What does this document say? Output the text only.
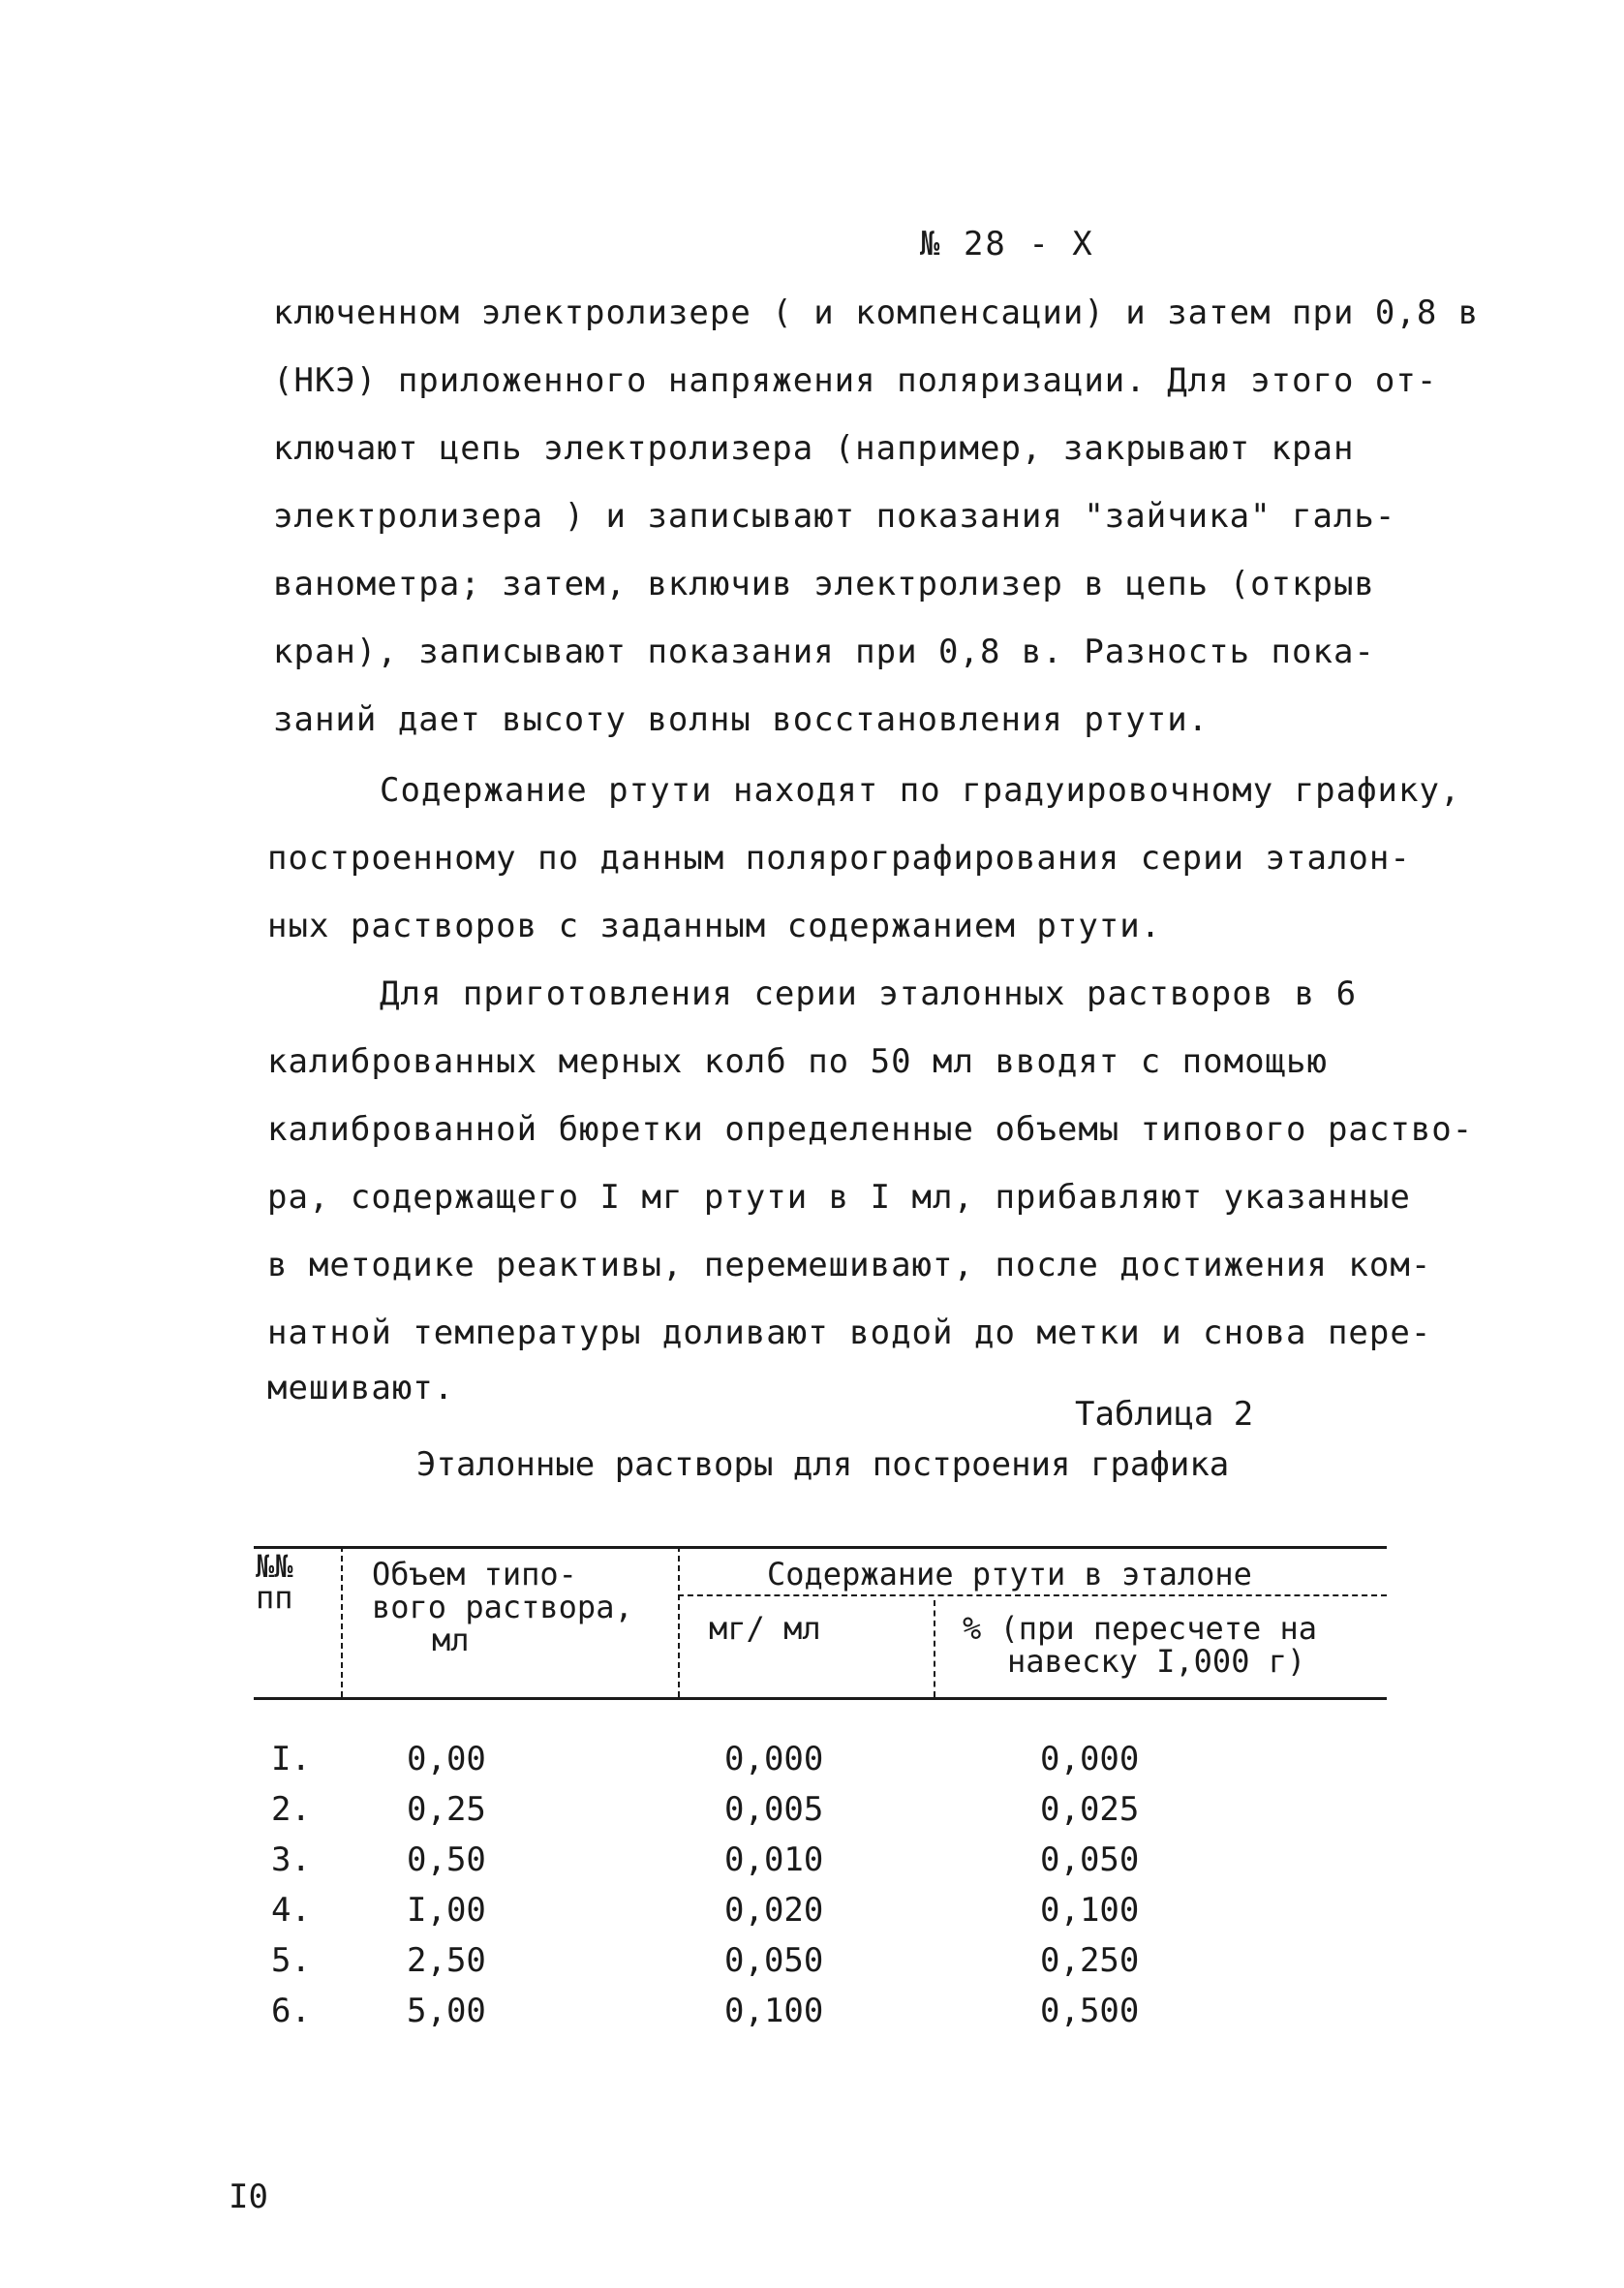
№ 28 - X
ключенном электролизере ( и компенсации) и затем при 0,8 в
(НКЭ) приложенного напряжения поляризации. Для этого от-
ключают цепь электролизера (например, закрывают кран
электролизера ) и записывают показания "зайчика" галь-
ванометра; затем, включив электролизер в цепь (открыв
кран), записывают показания при 0,8 в. Разность пока-
заний дает высоту волны восстановления ртути.
Содержание ртути находят по градуировочному графику,
построенному по данным полярографирования серии эталон-
ных растворов с заданным содержанием ртути.
Для приготовления серии эталонных растворов в 6
калиброванных мерных колб по 50 мл вводят с помощью
калиброванной бюретки определенные объемы типового раство-
ра, содержащего I мг ртути в I мл, прибавляют указанные
в методике реактивы, перемешивают, после достижения ком-
натной температуры доливают водой до метки и снова пере-
мешивают.
Таблица 2
Эталонные растворы для построения графика
№№
пп
Объем типо-
вого раствора,
мл
Содержание ртути в эталоне
мг/ мл	% (при пересчете на
навеску I,000 г)
I.	0,00	0,000	0,000
2.	0,25	0,005	0,025
3.	0,50	0,010	0,050
4.	I,00	0,020	0,100
5.	2,50	0,050	0,250
6.	5,00	0,100	0,500
I0
